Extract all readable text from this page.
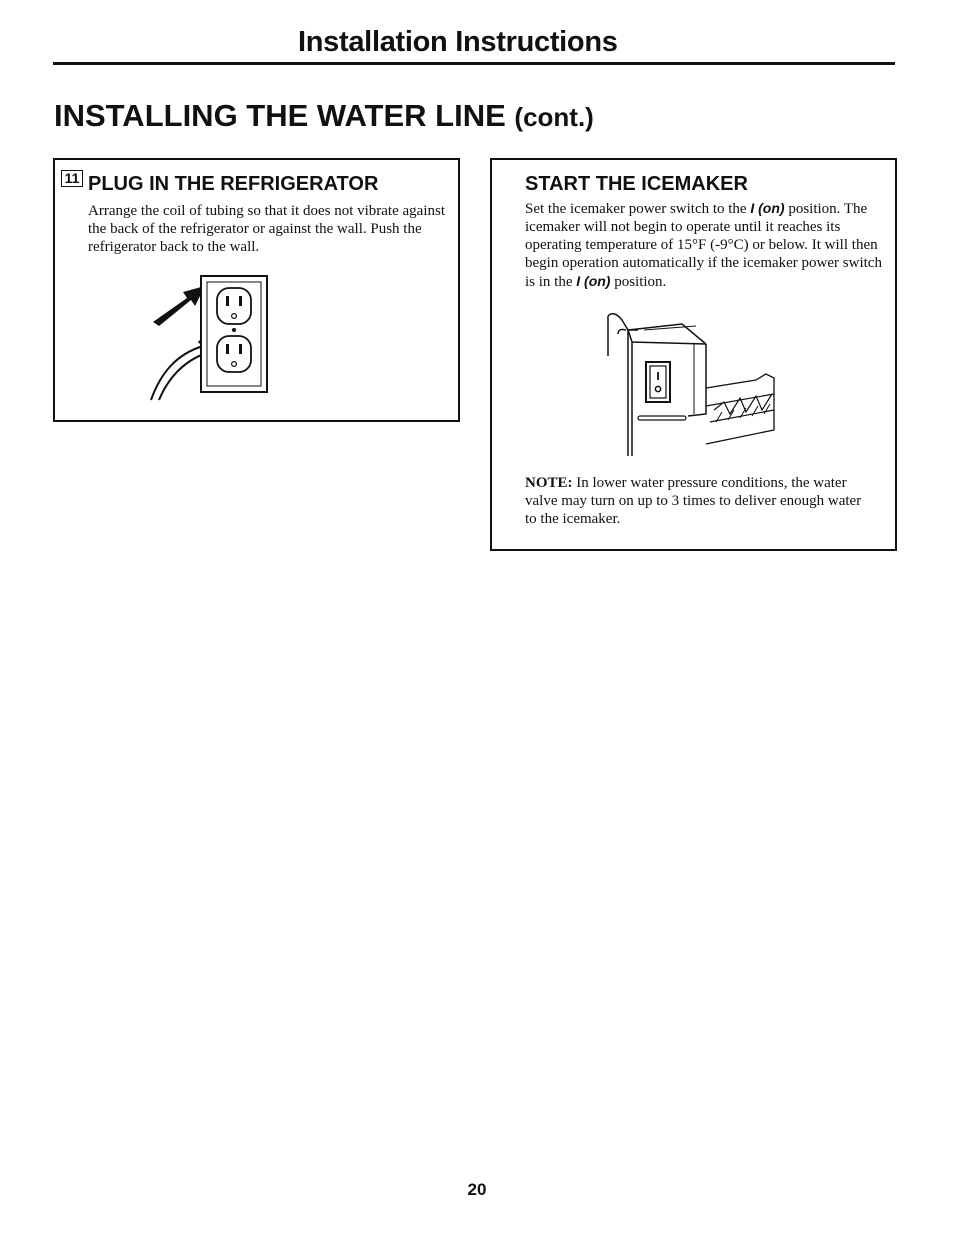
Installation Instructions
INSTALLING THE WATER LINE (cont.)
11 PLUG IN THE REFRIGERATOR

Arrange the coil of tubing so that it does not vibrate against the back of the refrigerator or against the wall. Push the refrigerator back to the wall.

START THE ICEMAKER

Set the icemaker power switch to the I (on) position. The icemaker will not begin to operate until it reaches its operating temperature of 15°F (-9°C) or below. It will then begin operation automatically if the icemaker power switch is in the I (on) position.

NOTE: In lower water pressure conditions, the water valve may turn on up to 3 times to deliver enough water to the icemaker.

20
